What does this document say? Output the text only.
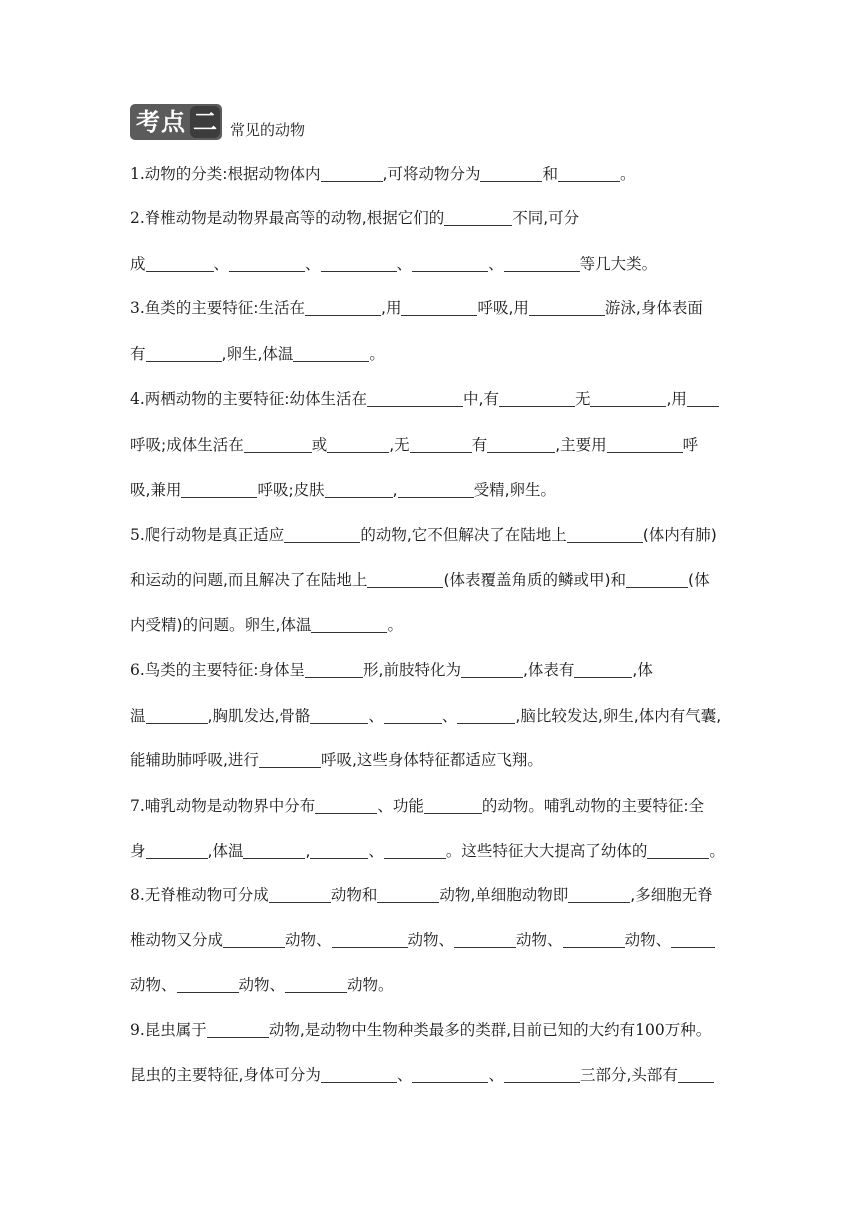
考点 二 常见的动物
1.动物的分类:根据动物体内	,可将动物分为	和	。
2.脊椎动物是动物界最高等的动物,根据它们的	不同,可分
成	、	、	、	、	等几大类。
3.鱼类的主要特征:生活在	,用	呼吸,用	游泳,身体表面
有	,卵生,体温	。
4.两栖动物的主要特征:幼体生活在	中,有	无	,用
呼吸;成体生活在	或	,无	有	,主要用	呼
吸,兼用	呼吸;皮肤	,	受精,卵生。
5.爬行动物是真正适应	的动物,它不但解决了在陆地上	(体内有肺)
和运动的问题,而且解决了在陆地上	(体表覆盖角质的鳞或甲)和	(体
内受精)的问题。卵生,体温	。
6.鸟类的主要特征:身体呈	形,前肢特化为	,体表有	,体
温	,胸肌发达,骨骼	、	、	,脑比较发达,卵生,体内有气囊,
能辅助肺呼吸,进行	呼吸,这些身体特征都适应飞翔。
7.哺乳动物是动物界中分布	、功能	的动物。哺乳动物的主要特征:全
身	,体温	,	、	。这些特征大大提高了幼体的	。
8.无脊椎动物可分成	动物和	动物,单细胞动物即	,多细胞无脊
椎动物又分成	动物、	动物、	动物、	动物、
动物、	动物、	动物。
9.昆虫属于	动物,是动物中生物种类最多的类群,目前已知的大约有100万种。
昆虫的主要特征,身体可分为	、	、	三部分,头部有
